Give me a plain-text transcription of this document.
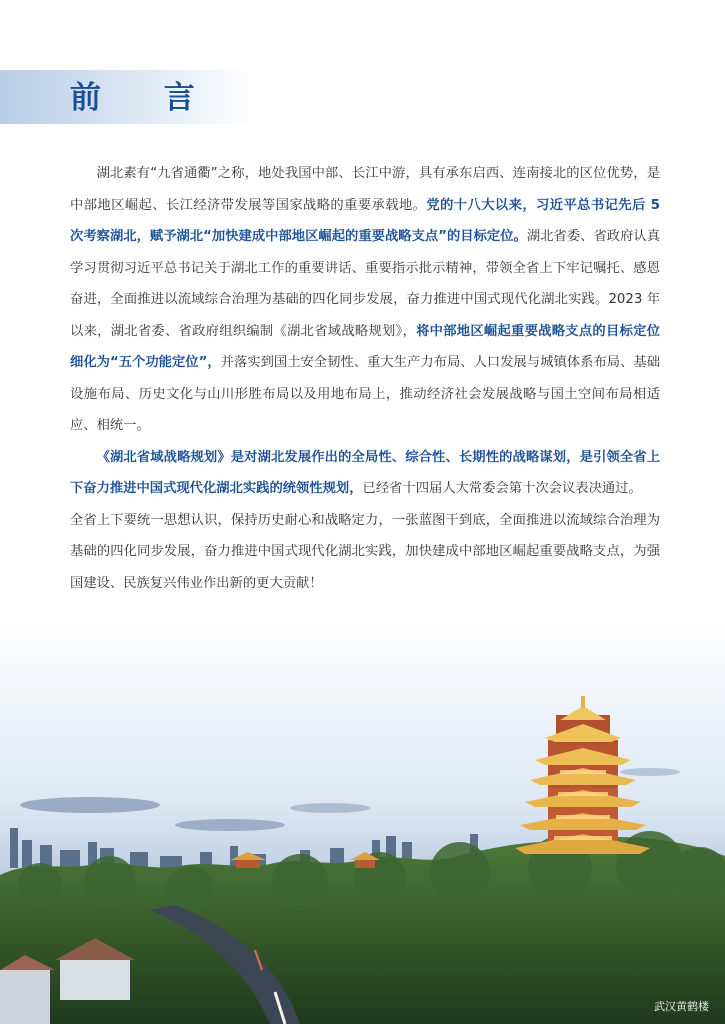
前 言

湖北素有“九省通衢”之称，地处我国中部、长江中游，具有承东启西、连南接北的区位优势，是中部地区崛起、长江经济带发展等国家战略的重要承载地。党的十八大以来，习近平总书记先后 5 次考察湖北，赋予湖北“加快建成中部地区崛起的重要战略支点”的目标定位。湖北省委、省政府认真学习贯彻习近平总书记关于湖北工作的重要讲话、重要指示批示精神，带领全省上下牢记嘱托、感恩奋进，全面推进以流域综合治理为基础的四化同步发展，奋力推进中国式现代化湖北实践。2023 年以来，湖北省委、省政府组织编制《湖北省域战略规划》，将中部地区崛起重要战略支点的目标定位细化为“五个功能定位”，并落实到国土安全韧性、重大生产力布局、人口发展与城镇体系布局、基础设施布局、历史文化与山川形胜布局以及用地布局上，推动经济社会发展战略与国土空间布局相适应、相统一。

《湖北省域战略规划》是对湖北发展作出的全局性、综合性、长期性的战略谋划，是引领全省上下奋力推进中国式现代化湖北实践的统领性规划，已经省十四届人大常委会第十次会议表决通过。

全省上下要统一思想认识，保持历史耐心和战略定力，一张蓝图干到底，全面推进以流域综合治理为基础的四化同步发展，奋力推进中国式现代化湖北实践，加快建成中部地区崛起重要战略支点，为强国建设、民族复兴伟业作出新的更大贡献！

武汉黄鹤楼
